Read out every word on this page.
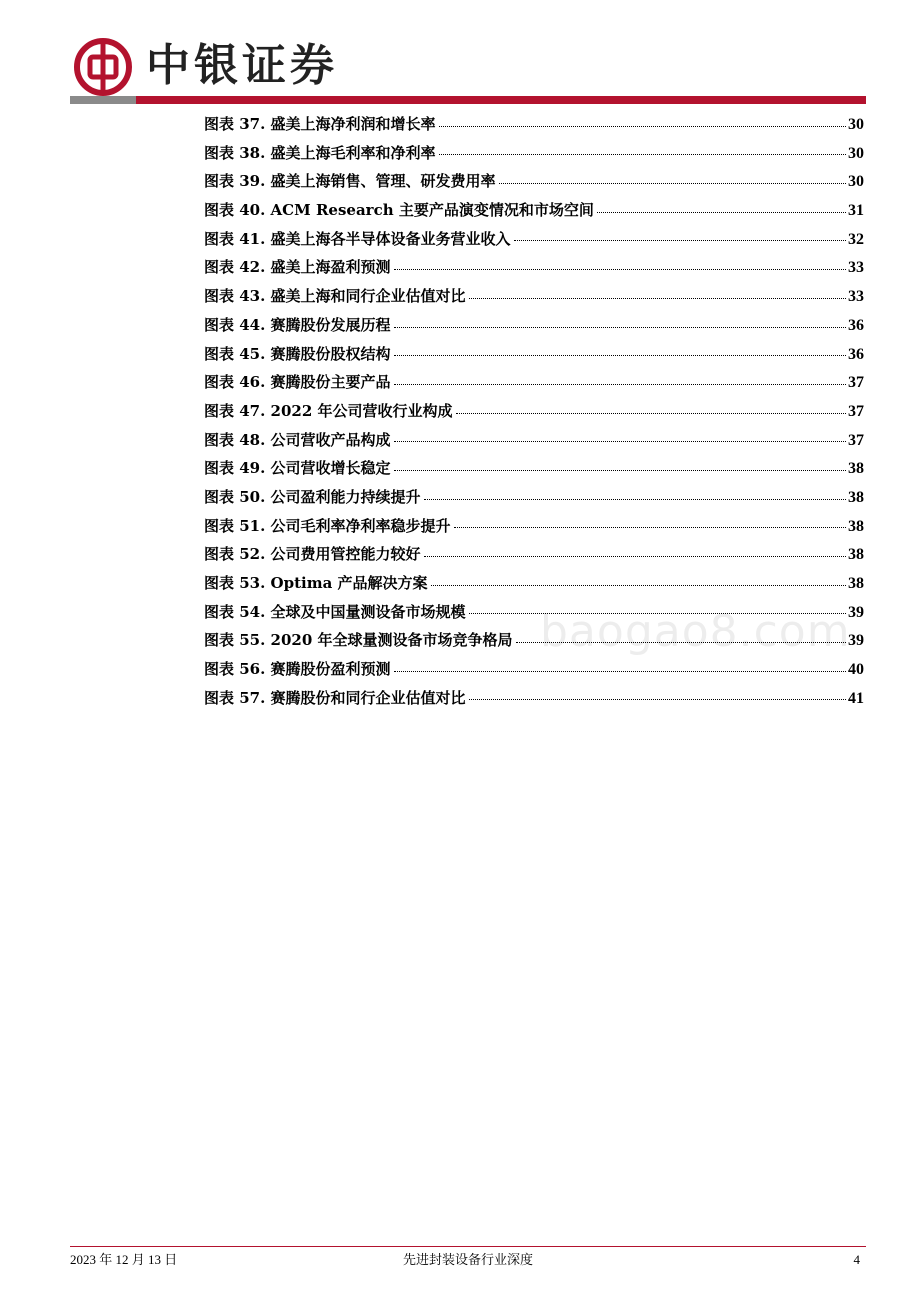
中银证券
图表 37. 盛美上海净利润和增长率	30
图表 38. 盛美上海毛利率和净利率	30
图表 39. 盛美上海销售、管理、研发费用率	30
图表 40. ACM Research 主要产品演变情况和市场空间	31
图表 41. 盛美上海各半导体设备业务营业收入	32
图表 42. 盛美上海盈利预测	33
图表 43. 盛美上海和同行企业估值对比	33
图表 44. 赛腾股份发展历程	36
图表 45. 赛腾股份股权结构	36
图表 46. 赛腾股份主要产品	37
图表 47. 2022 年公司营收行业构成	37
图表 48. 公司营收产品构成	37
图表 49. 公司营收增长稳定	38
图表 50. 公司盈利能力持续提升	38
图表 51. 公司毛利率净利率稳步提升	38
图表 52. 公司费用管控能力较好	38
图表 53. Optima 产品解决方案	38
图表 54. 全球及中国量测设备市场规模	39
图表 55. 2020 年全球量测设备市场竞争格局	39
图表 56. 赛腾股份盈利预测	40
图表 57. 赛腾股份和同行企业估值对比	41
baogao8.com
2023 年 12 月 13 日	先进封装设备行业深度	4
